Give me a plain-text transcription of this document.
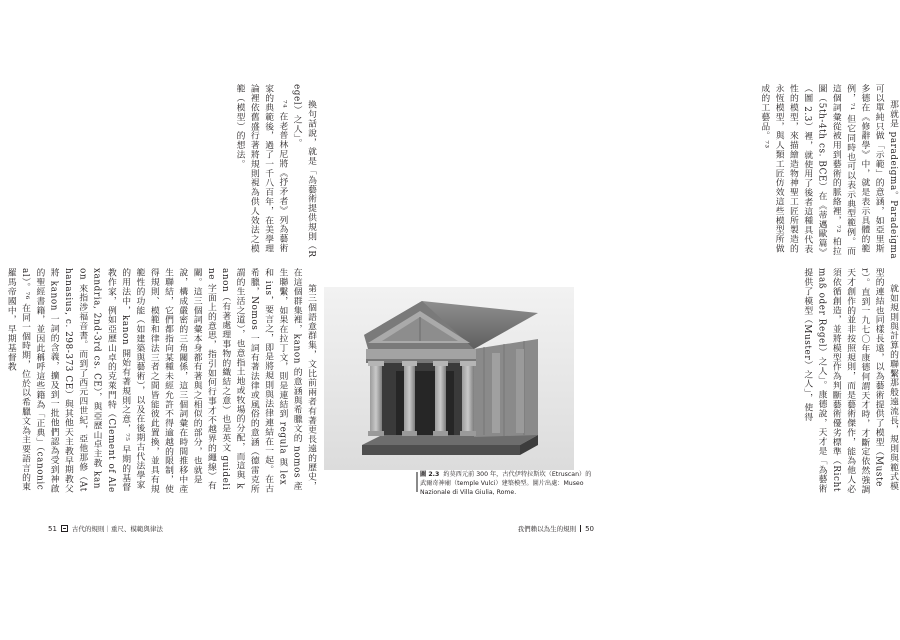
換句話說，就是「為藝術提供規則（Regel）之人」。

⁷⁴ 在老普林尼將《抒矛者》列為藝術家的典範後，過了一千八百年，在美學理論裡依舊盛行著將規則視為供人效法之模範（模型）的想法。

第三個語意群集，文比前兩者有著更長遠的歷史，在這個群集裡，kanon 的意涵與希臘文的 nomos 產生聯繫，如果在拉丁文，則是連結到 regula 與 lex 和 ius，要言之，即是將規則與法律連結在一起。在古希臘，Nomos 一詞有著法律或風俗的意涵（德雷克所謂的生活之道），也意指土地或牧場的分配，而這與 kanon（有著處理事物的織結之意）也是英文 guideline 字面上的意思，指引如何行事才不越界的繩線）有關。這三個詞彙本身都有著與之相似的部分，也就是說，構成嚴密的三角關係，這三個詞彙在時間推移中產生聯結，它們都指向某種未經允許不得逾越的限制，使得規則、模範和律法三者之間皆能彼此置換，並具有規範性的功能（如建築與藝術），以及在後期古代法學家的用法中，kanon 開始有著規則之意，⁷⁵ 早期的基督教作家，例如亞歷山卓的克萊門特（Clement of Alexandria, 2nd-3rd cs. CE），與亞歷山卓主教 kanon 來指涉福音書。而到了西元四世紀，亞他那修（Athanasius, c. 298-373 CE）與其他天主教早期教父將 kanon 一詞的含義，擴及到一批他們認為受到神啟的聖經書籍，並因此稱呼這些籍為「正典」（canonical）。⁷⁶ 在同一個時期，位於以希臘文為主要語言的東羅馬帝國中，早期基督教

51 古代的規則｜重尺、模範與律法

那就是 paradeigma。Paradeigma 可以單純只做「示範」的意涵，如亞里斯多德在《修辭學》中，就是表示具體的範例，⁷¹ 但它同時也可以表示典型範例。而這個詞彙從被用到藝術的脈絡裡，⁷² 柏拉圖（5th-4th cs. BCE）在《蒂邁歐篇》（圖 2.3）裡，就使用了後者這種具代表性的模型，來描繪造物神聖工匠所製造的永恆模型，與人類工匠仿效這些模型所做成的工藝品。⁷³

就如規則與計算的聯繫那般遠流長，規則與範式模型的連結也同樣長遠，以為藝術提供了模型（Muster）。直到一九七〇年康德何謂天才時，才斷定依然強調天才創作的並非按照規則，而是藝術傑作，能為他人必須依循創造，並將模型作為判斷藝術優劣標準（Richtmaß oder Regel）之人」。康德說，天才是「為藝術提供了模型（Muster）之人」，使得

我們賴以為生的規則 50
圖 2.3 約莫西元前 300 年，古代伊特拉斯坎（Etruscan）的武爾奇神廟（temple Vulci）建築模型。圖片出處：Museo Nazionale di Villa Giulia, Rome.
